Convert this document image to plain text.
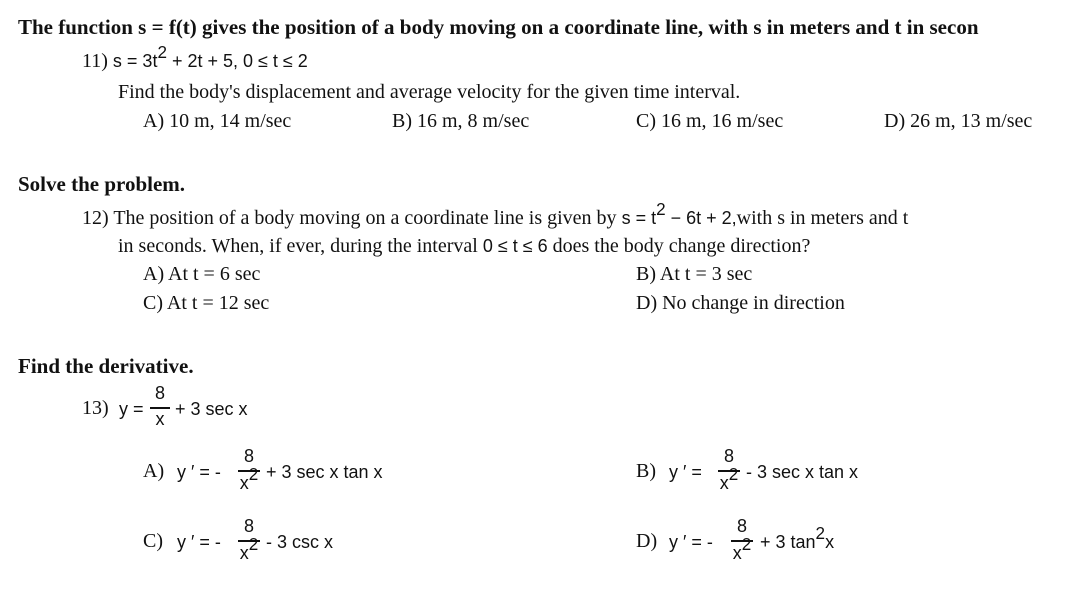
The function s = f(t) gives the position of a body moving on a coordinate line, with s in meters and t in secon
11) $s = 3t^2 + 2t + 5$, 0 ≤ t ≤ 2
Find the body's displacement and average velocity for the given time interval.
A) 10 m, 14 m/sec	B) 16 m, 8 m/sec	C) 16 m, 16 m/sec	D) 26 m, 13 m/sec
Solve the problem.
12) The position of a body moving on a coordinate line is given by $s = t^2 - 6t$ + 2,with s in meters and t
in seconds. When, if ever, during the interval 0 ≤ t ≤ 6 does the body change direction?
A) At t = 6 sec	B) At t = 3 sec
C) At t = 12 sec	D) No change in direction
Find the derivative.
13) y =
8
x + 3 sec x
A) y ′ = -
8
$x^2 + 3$ sec x tan x	B) y ′ =
8
$x^2 - 3$ sec x tan x
C) y ′ = -
8
$x^2 - 3$ csc x	D) y ′ = -
8
$x^2 + 3$ $\tan^2x$
